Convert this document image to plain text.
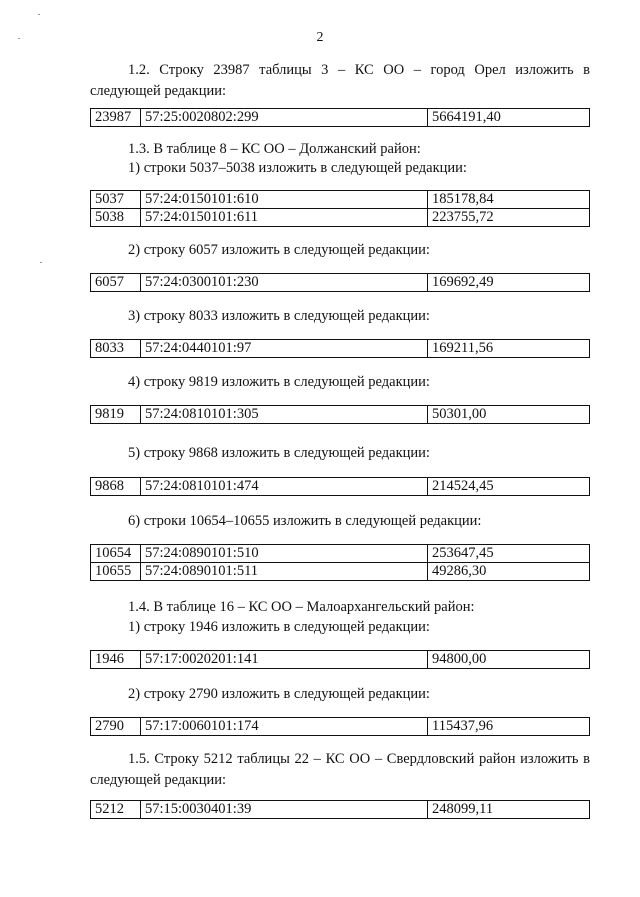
2
1.2. Строку 23987 таблицы 3 – КС ОО – город Орел изложить в следующей редакции:
23987	57:25:0020802:299	5664191,40
1.3. В таблице 8 – КС ОО – Должанский район:
1) строки 5037–5038 изложить в следующей редакции:
5037	57:24:0150101:610	185178,84
5038	57:24:0150101:611	223755,72
2) строку 6057 изложить в следующей редакции:
6057	57:24:0300101:230	169692,49
3) строку 8033 изложить в следующей редакции:
8033	57:24:0440101:97	169211,56
4) строку 9819 изложить в следующей редакции:
9819	57:24:0810101:305	50301,00
5) строку 9868 изложить в следующей редакции:
9868	57:24:0810101:474	214524,45
6) строки 10654–10655 изложить в следующей редакции:
10654	57:24:0890101:510	253647,45
10655	57:24:0890101:511	49286,30
1.4. В таблице 16 – КС ОО – Малоархангельский район:
1) строку 1946 изложить в следующей редакции:
1946	57:17:0020201:141	94800,00
2) строку 2790 изложить в следующей редакции:
2790	57:17:0060101:174	115437,96
1.5. Строку 5212 таблицы 22 – КС ОО – Свердловский район изложить в следующей редакции:
5212	57:15:0030401:39	248099,11
